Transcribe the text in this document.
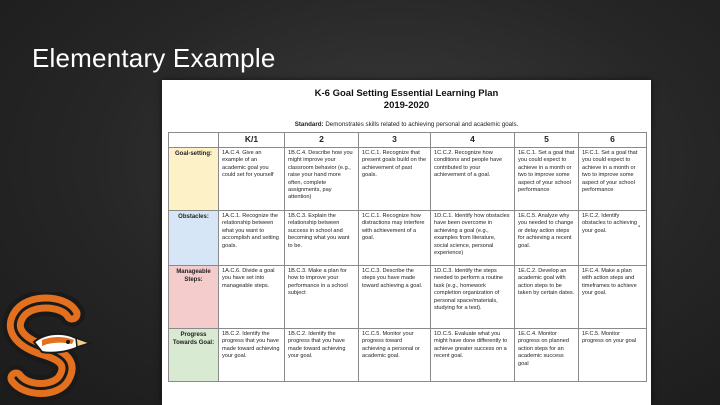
Elementary Example
K-6 Goal Setting Essential Learning Plan
2019-2020
Standard: Demonstrates skills related to achieving personal and academic goals.
▪
	K/1	2	3	4	5	6
Goal-setting:	1A.C.4. Give an example of an academic goal you could set for yourself	1B.C.4. Describe how you might improve your classroom behavior (e.g., raise your hand more often, complete assignments, pay attention)	1C.C.1. Recognize that present goals build on the achievement of past goals.	1C.C.2. Recognize how conditions and people have contributed to your achievement of a goal.	1E.C.1. Set a goal that you could expect to achieve in a month or two to improve some aspect of your school performance	1F.C.1. Set a goal that you could expect to achieve in a month or two to improve some aspect of your school performance
Obstacles:	1A.C.1. Recognize the relationship between what you want to accomplish and setting goals.	1B.C.3. Explain the relationship between success in school and becoming what you want to be.	1C.C.1. Recognize how distractions may interfere with achievement of a goal.	1D.C.1. Identify how obstacles have been overcome in achieving a goal (e.g., examples from literature, social science, personal experience)	1E.C.5. Analyze why you needed to change or delay action steps for achieving a recent goal.	1F.C.2. Identify obstacles to achieving your goal.
Manageable Steps:	1A.C.6. Divide a goal you have set into manageable steps.	1B.C.3. Make a plan for how to improve your performance in a school subject	1C.C.3. Describe the steps you have made toward achieving a goal.	1D.C.3. Identify the steps needed to perform a routine task (e.g., homework completion organization of personal space/materials, studying for a test).	1E.C.2. Develop an academic goal with action steps to be taken by certain dates.	1F.C.4. Make a plan with action steps and timeframes to achieve your goal.
Progress Towards Goal:	1B.C.2. Identify the progress that you have made toward achieving your goal.	1B.C.2. Identify the progress that you have made toward achieving your goal.	1C.C.5. Monitor your progress toward achieving a personal or academic goal.	1D.C.5. Evaluate what you might have done differently to achieve greater success on a recent goal.	1E.C.4. Monitor progress on planned action steps for an academic success goal	1F.C.5. Monitor progress on your goal
